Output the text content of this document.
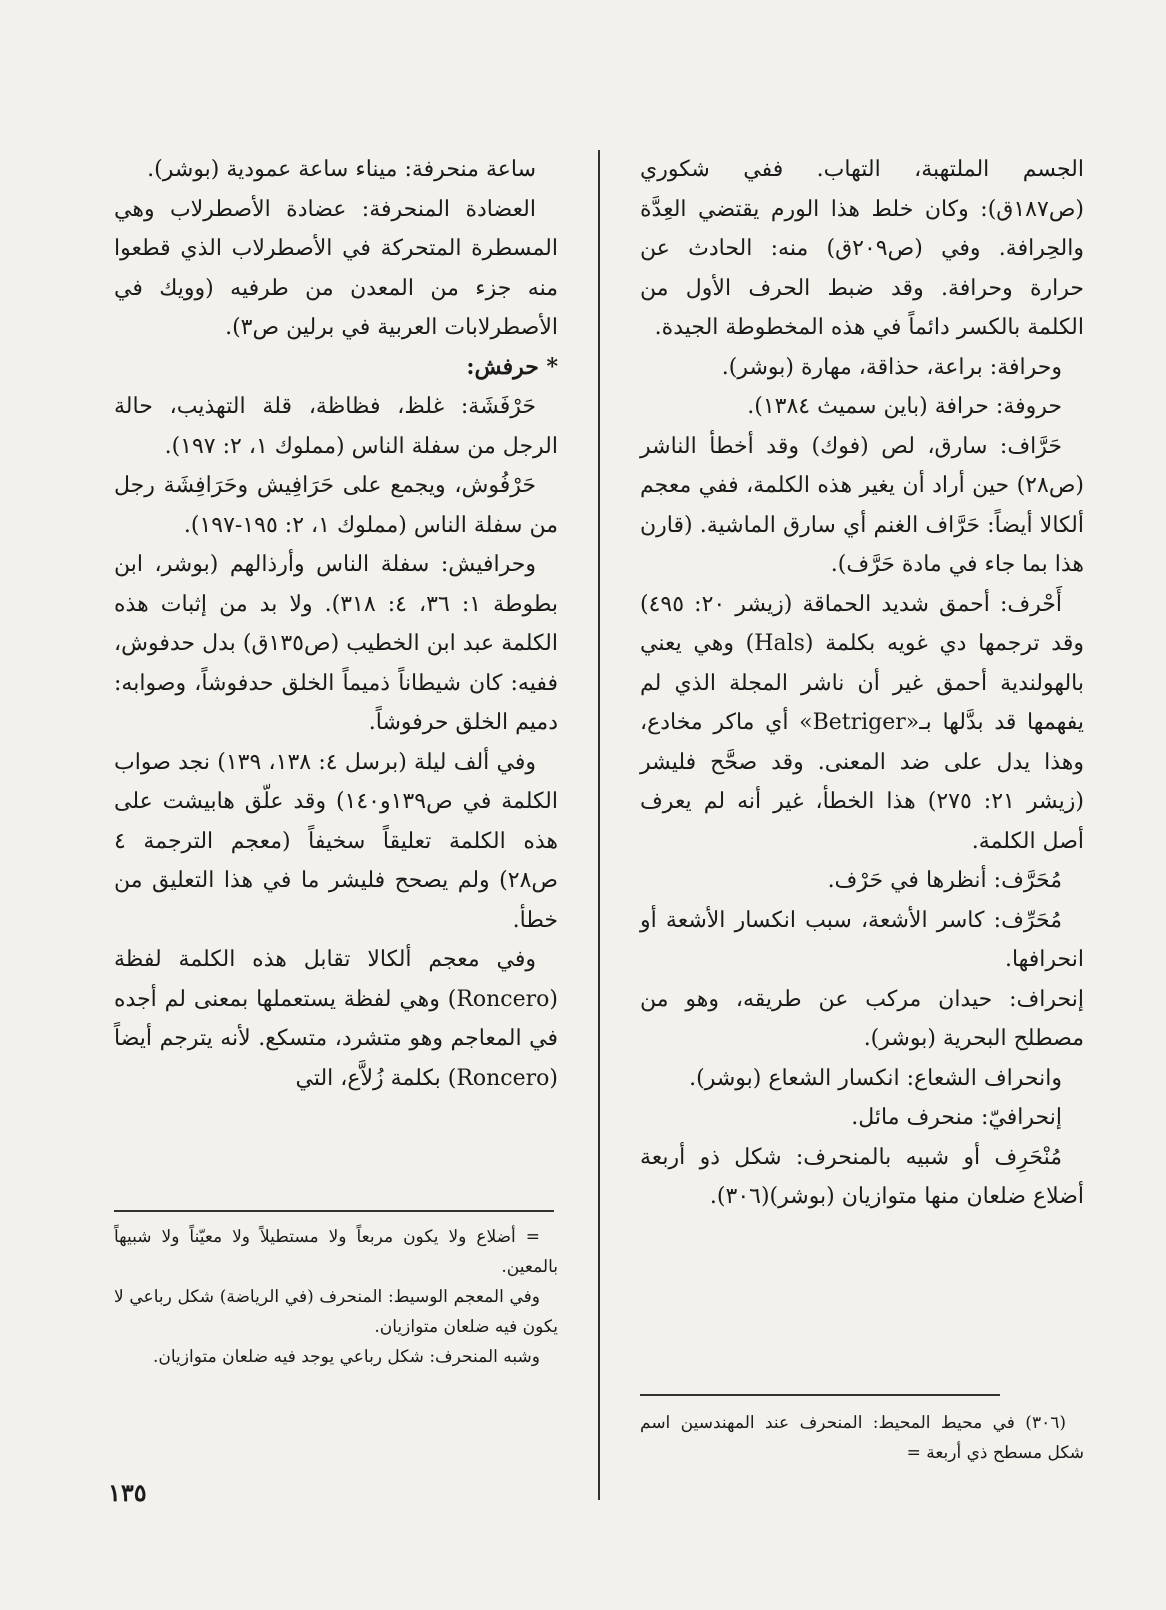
الجسم الملتهبة، التهاب. ففي شكوري (ص١٨٧ق): وكان خلط هذا الورم يقتضي العِدَّة والحِرافة. وفي (ص٢٠٩ق) منه: الحادث عن حرارة وحرافة. وقد ضبط الحرف الأول من الكلمة بالكسر دائماً في هذه المخطوطة الجيدة.

وحرافة: براعة، حذاقة، مهارة (بوشر).

حروفة: حرافة (باين سميث ١٣٨٤).

حَرَّاف: سارق، لص (فوك) وقد أخطأ الناشر (ص٢٨) حين أراد أن يغير هذه الكلمة، ففي معجم ألكالا أيضاً: حَرَّاف الغنم أي سارق الماشية. (قارن هذا بما جاء في مادة حَرَّف).

أَحْرف: أحمق شديد الحماقة (زيشر ٢٠: ٤٩٥) وقد ترجمها دي غويه بكلمة (Hals) وهي يعني بالهولندية أحمق غير أن ناشر المجلة الذي لم يفهمها قد بدَّلها بـ«Betriger» أي ماكر مخادع، وهذا يدل على ضد المعنى. وقد صحَّح فليشر (زيشر ٢١: ٢٧٥) هذا الخطأ، غير أنه لم يعرف أصل الكلمة.

مُحَرَّف: أنظرها في حَرْف.

مُحَرِّف: كاسر الأشعة، سبب انكسار الأشعة أو انحرافها.

إنحراف: حيدان مركب عن طريقه، وهو من مصطلح البحرية (بوشر).

وانحراف الشعاع: انكسار الشعاع (بوشر).

إنحرافيّ: منحرف مائل.

مُنْحَرِف أو شبيه بالمنحرف: شكل ذو أربعة أضلاع ضلعان منها متوازيان (بوشر)(٣٠٦).

ساعة منحرفة: ميناء ساعة عمودية (بوشر).

العضادة المنحرفة: عضادة الأصطرلاب وهي المسطرة المتحركة في الأصطرلاب الذي قطعوا منه جزء من المعدن من طرفيه (وويك في الأصطرلابات العربية في برلين ص٣).

* حرفش:

حَرْفَشَة: غلظ، فظاظة، قلة التهذيب، حالة الرجل من سفلة الناس (مملوك ١، ٢: ١٩٧).

حَرْفُوش، ويجمع على حَرَافِيش وحَرَافِشَة رجل من سفلة الناس (مملوك ١، ٢: ١٩٥-١٩٧).

وحرافيش: سفلة الناس وأرذالهم (بوشر، ابن بطوطة ١: ٣٦، ٤: ٣١٨). ولا بد من إثبات هذه الكلمة عبد ابن الخطيب (ص١٣٥ق) بدل حدفوش، ففيه: كان شيطاناً ذميماً الخلق حدفوشاً، وصوابه: دميم الخلق حرفوشاً.

وفي ألف ليلة (برسل ٤: ١٣٨، ١٣٩) نجد صواب الكلمة في ص١٣٩و١٤٠) وقد علّق هابيشت على هذه الكلمة تعليقاً سخيفاً (معجم الترجمة ٤ ص٢٨) ولم يصحح فليشر ما في هذا التعليق من خطأ.

وفي معجم ألكالا تقابل هذه الكلمة لفظة (Roncero) وهي لفظة يستعملها بمعنى لم أجده في المعاجم وهو متشرد، متسكع. لأنه يترجم أيضاً (Roncero) بكلمة زُلاَّع، التي

= أضلاع ولا يكون مربعاً ولا مستطيلاً ولا معيّناً ولا شبيهاً بالمعين.

وفي المعجم الوسيط: المنحرف (في الرياضة) شكل رباعي لا يكون فيه ضلعان متوازيان.

وشبه المنحرف: شكل رباعي يوجد فيه ضلعان متوازيان.

(٣٠٦) في محيط المحيط: المنحرف عند المهندسين اسم شكل مسطح ذي أربعة =

١٣٥
